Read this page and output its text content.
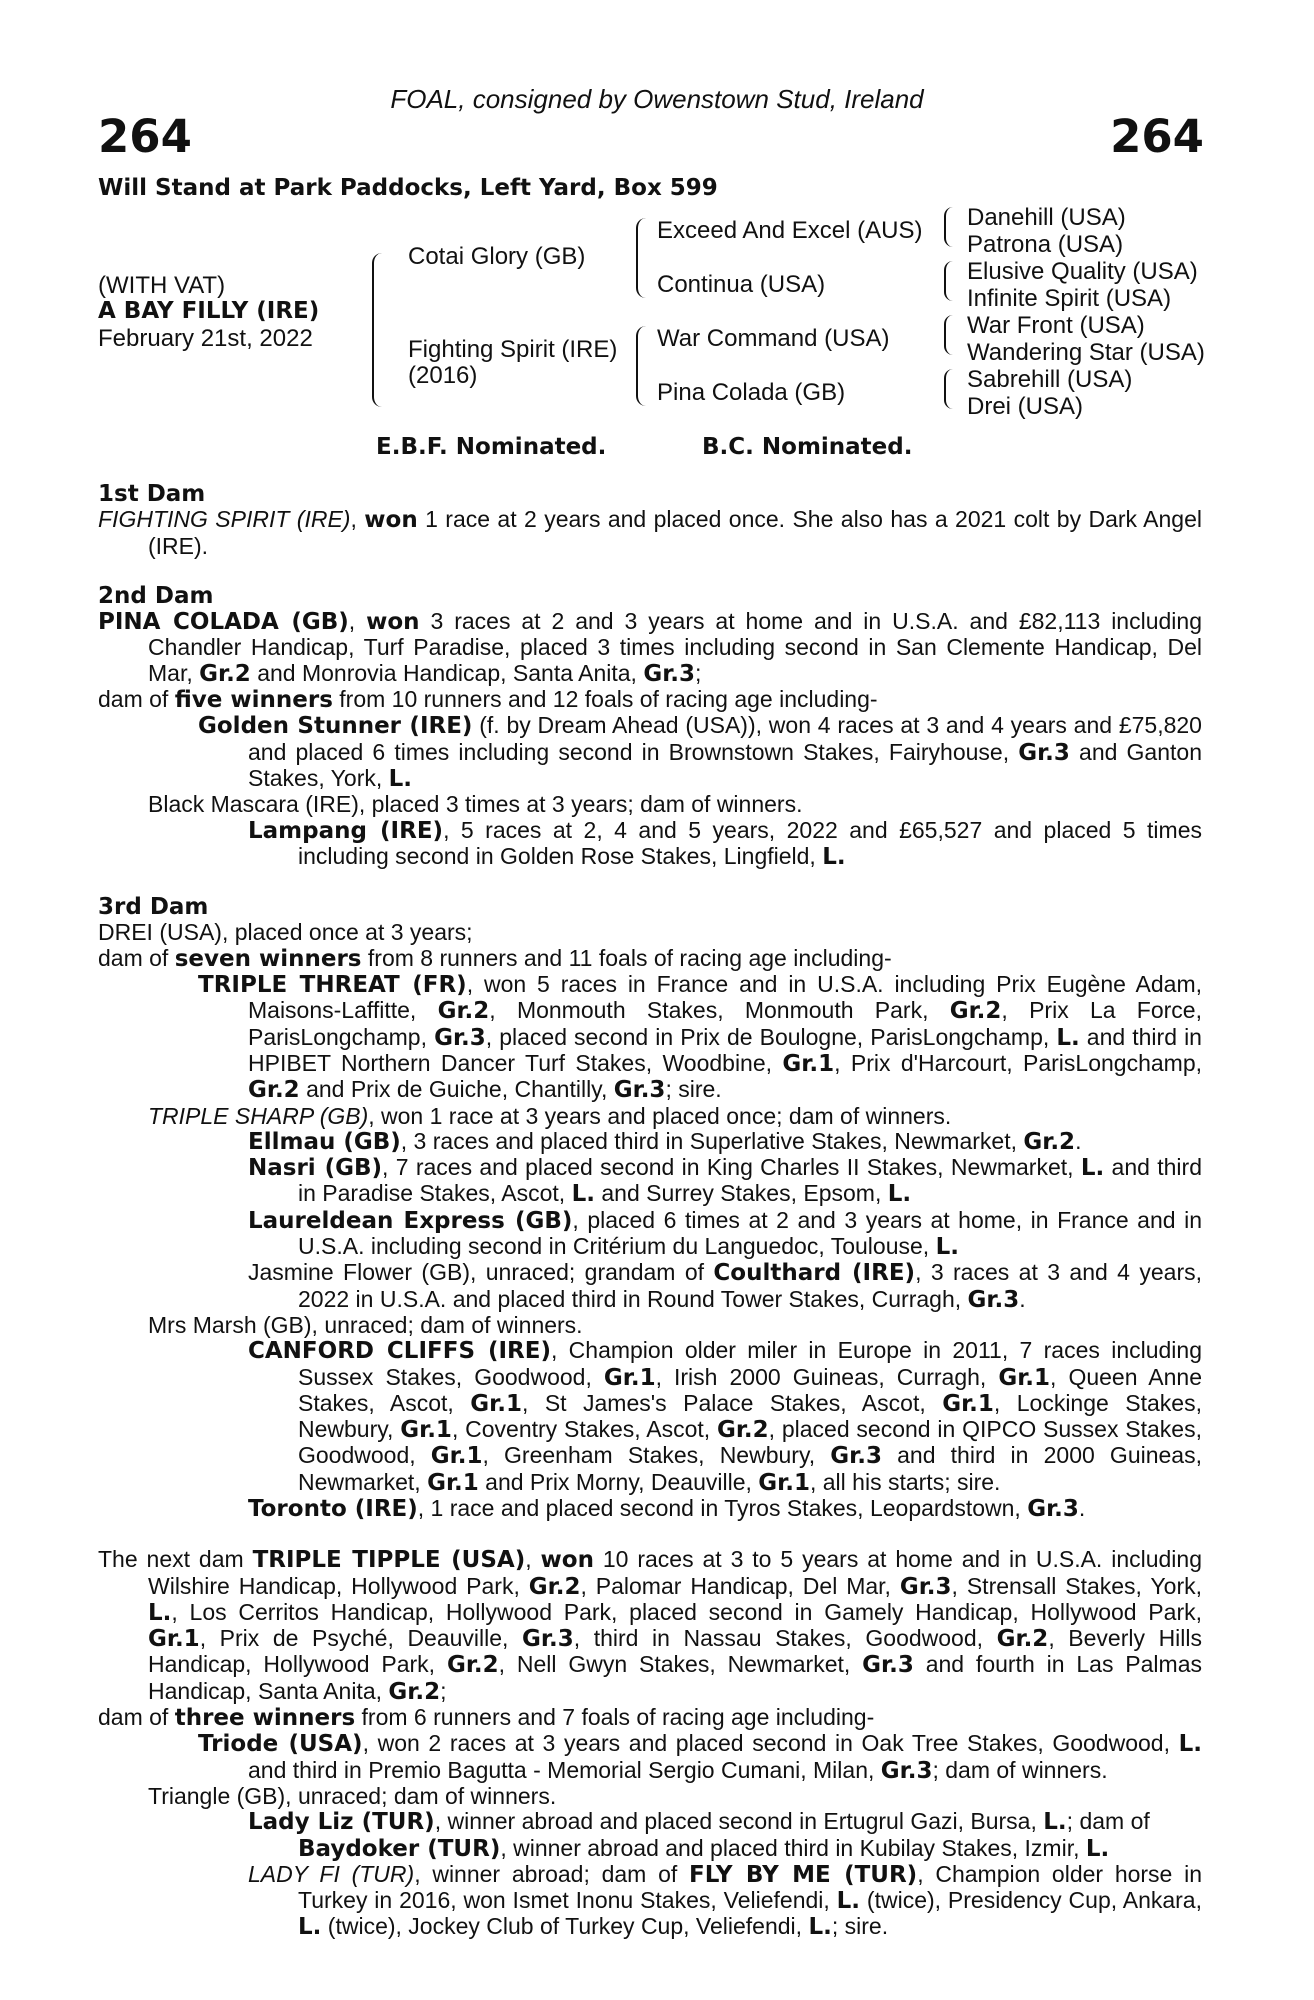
FOAL, consigned by Owenstown Stud, Ireland
264	264
Will Stand at Park Paddocks, Left Yard, Box 599
(WITH VAT)
A BAY FILLY (IRE)
February 21st, 2022
Cotai Glory (GB)
Fighting Spirit (IRE)
(2016)
Exceed And Excel (AUS)
Continua (USA)
War Command (USA)
Pina Colada (GB)
Danehill (USA)
Patrona (USA)
Elusive Quality (USA)
Infinite Spirit (USA)
War Front (USA)
Wandering Star (USA)
Sabrehill (USA)
Drei (USA)
E.B.F. Nominated.	B.C. Nominated.

1st Dam

FIGHTING SPIRIT (IRE), won 1 race at 2 years and placed once. She also has a 2021 colt by Dark Angel (IRE).

2nd Dam

PINA COLADA (GB), won 3 races at 2 and 3 years at home and in U.S.A. and £82,113 including Chandler Handicap, Turf Paradise, placed 3 times including second in San Clemente Handicap, Del Mar, Gr.2 and Monrovia Handicap, Santa Anita, Gr.3;

dam of five winners from 10 runners and 12 foals of racing age including-

Golden Stunner (IRE) (f. by Dream Ahead (USA)), won 4 races at 3 and 4 years and £75,820 and placed 6 times including second in Brownstown Stakes, Fairyhouse, Gr.3 and Ganton Stakes, York, L.

Black Mascara (IRE), placed 3 times at 3 years; dam of winners.

Lampang (IRE), 5 races at 2, 4 and 5 years, 2022 and £65,527 and placed 5 times including second in Golden Rose Stakes, Lingfield, L.

3rd Dam

DREI (USA), placed once at 3 years;

dam of seven winners from 8 runners and 11 foals of racing age including-

TRIPLE THREAT (FR), won 5 races in France and in U.S.A. including Prix Eugène Adam, Maisons-Laffitte, Gr.2, Monmouth Stakes, Monmouth Park, Gr.2, Prix La Force, ParisLongchamp, Gr.3, placed second in Prix de Boulogne, ParisLongchamp, L. and third in HPIBET Northern Dancer Turf Stakes, Woodbine, Gr.1, Prix d'Harcourt, ParisLongchamp, Gr.2 and Prix de Guiche, Chantilly, Gr.3; sire.

TRIPLE SHARP (GB), won 1 race at 3 years and placed once; dam of winners.

Ellmau (GB), 3 races and placed third in Superlative Stakes, Newmarket, Gr.2.

Nasri (GB), 7 races and placed second in King Charles II Stakes, Newmarket, L. and third in Paradise Stakes, Ascot, L. and Surrey Stakes, Epsom, L.

Laureldean Express (GB), placed 6 times at 2 and 3 years at home, in France and in U.S.A. including second in Critérium du Languedoc, Toulouse, L.

Jasmine Flower (GB), unraced; grandam of Coulthard (IRE), 3 races at 3 and 4 years, 2022 in U.S.A. and placed third in Round Tower Stakes, Curragh, Gr.3.

Mrs Marsh (GB), unraced; dam of winners.

CANFORD CLIFFS (IRE), Champion older miler in Europe in 2011, 7 races including Sussex Stakes, Goodwood, Gr.1, Irish 2000 Guineas, Curragh, Gr.1, Queen Anne Stakes, Ascot, Gr.1, St James's Palace Stakes, Ascot, Gr.1, Lockinge Stakes, Newbury, Gr.1, Coventry Stakes, Ascot, Gr.2, placed second in QIPCO Sussex Stakes, Goodwood, Gr.1, Greenham Stakes, Newbury, Gr.3 and third in 2000 Guineas, Newmarket, Gr.1 and Prix Morny, Deauville, Gr.1, all his starts; sire.

Toronto (IRE), 1 race and placed second in Tyros Stakes, Leopardstown, Gr.3.

The next dam TRIPLE TIPPLE (USA), won 10 races at 3 to 5 years at home and in U.S.A. including Wilshire Handicap, Hollywood Park, Gr.2, Palomar Handicap, Del Mar, Gr.3, Strensall Stakes, York, L., Los Cerritos Handicap, Hollywood Park, placed second in Gamely Handicap, Hollywood Park, Gr.1, Prix de Psyché, Deauville, Gr.3, third in Nassau Stakes, Goodwood, Gr.2, Beverly Hills Handicap, Hollywood Park, Gr.2, Nell Gwyn Stakes, Newmarket, Gr.3 and fourth in Las Palmas Handicap, Santa Anita, Gr.2;

dam of three winners from 6 runners and 7 foals of racing age including-

Triode (USA), won 2 races at 3 years and placed second in Oak Tree Stakes, Goodwood, L. and third in Premio Bagutta - Memorial Sergio Cumani, Milan, Gr.3; dam of winners.

Triangle (GB), unraced; dam of winners.

Lady Liz (TUR), winner abroad and placed second in Ertugrul Gazi, Bursa, L.; dam of
Baydoker (TUR), winner abroad and placed third in Kubilay Stakes, Izmir, L.

LADY FI (TUR), winner abroad; dam of FLY BY ME (TUR), Champion older horse in Turkey in 2016, won Ismet Inonu Stakes, Veliefendi, L. (twice), Presidency Cup, Ankara, L. (twice), Jockey Club of Turkey Cup, Veliefendi, L.; sire.
